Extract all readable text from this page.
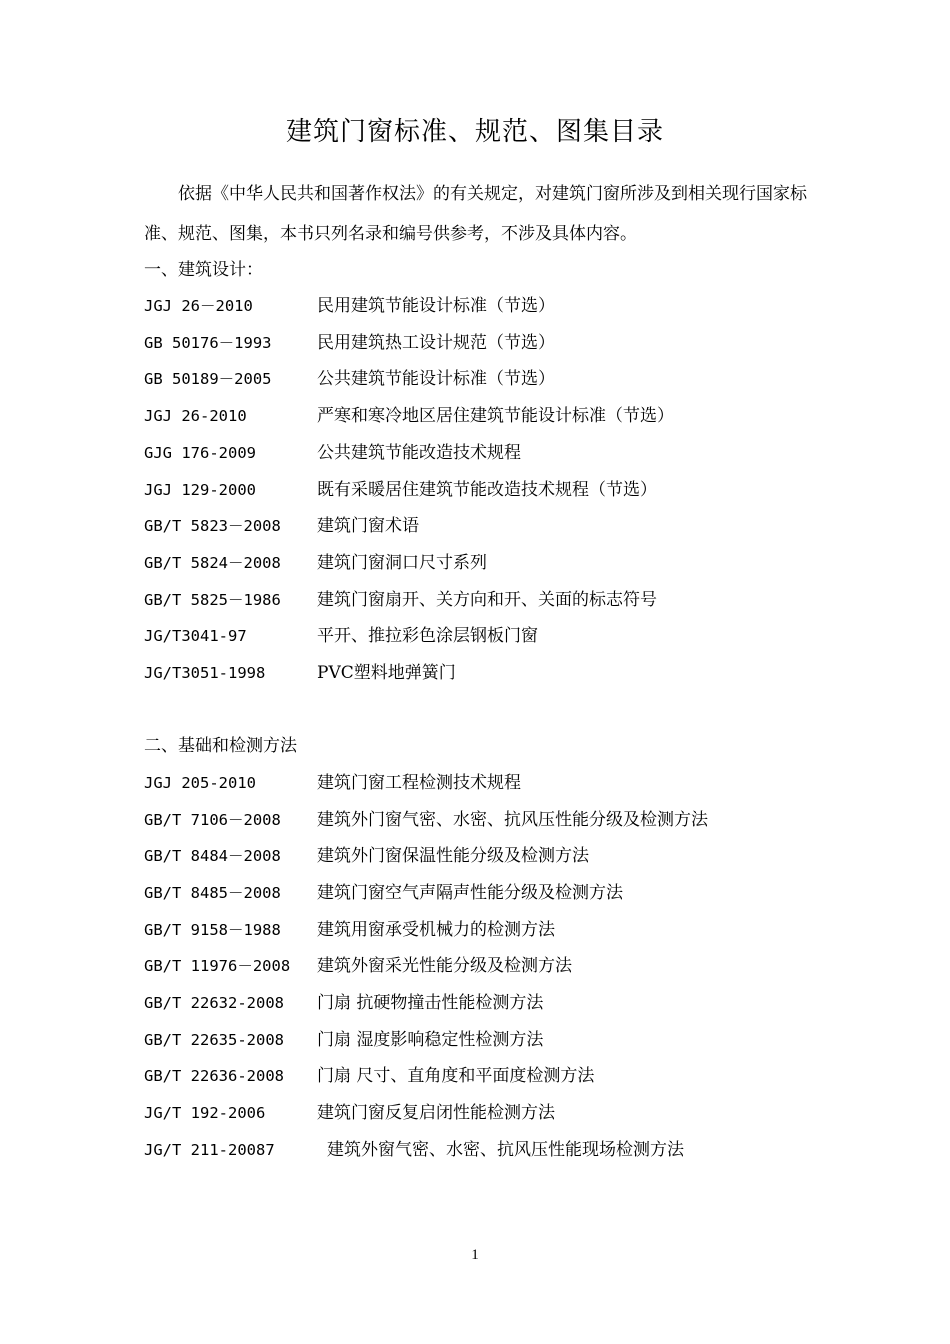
建筑门窗标准、规范、图集目录

依据《中华人民共和国著作权法》的有关规定，对建筑门窗所涉及到相关现行国家标准、规范、图集，本书只列名录和编号供参考，不涉及具体内容。

一、建筑设计：
JGJ 26－2010	民用建筑节能设计标准（节选）
GB 50176－1993	民用建筑热工设计规范（节选）
GB 50189－2005	公共建筑节能设计标准（节选）
JGJ 26-2010	严寒和寒冷地区居住建筑节能设计标准（节选）
GJG 176-2009	公共建筑节能改造技术规程
JGJ 129-2000	既有采暖居住建筑节能改造技术规程（节选）
GB/T 5823－2008 建筑门窗术语
GB/T 5824－2008 建筑门窗洞口尺寸系列
GB/T 5825－1986 建筑门窗扇开、关方向和开、关面的标志符号
JG/T3041-97	平开、推拉彩色涂层钢板门窗
JG/T3051-1998	PVC塑料地弹簧门
二、基础和检测方法
JGJ 205-2010	建筑门窗工程检测技术规程
GB/T 7106－2008 建筑外门窗气密、水密、抗风压性能分级及检测方法
GB/T 8484－2008 建筑外门窗保温性能分级及检测方法
GB/T 8485－2008 建筑门窗空气声隔声性能分级及检测方法
GB/T 9158－1988 建筑用窗承受机械力的检测方法
GB/T 11976－2008 建筑外窗采光性能分级及检测方法
GB/T 22632-2008 门扇 抗硬物撞击性能检测方法
GB/T 22635-2008 门扇 湿度影响稳定性检测方法
GB/T 22636-2008 门扇 尺寸、直角度和平面度检测方法
JG/T 192-2006	建筑门窗反复启闭性能检测方法
JG/T 211-20087	建筑外窗气密、水密、抗风压性能现场检测方法
1
